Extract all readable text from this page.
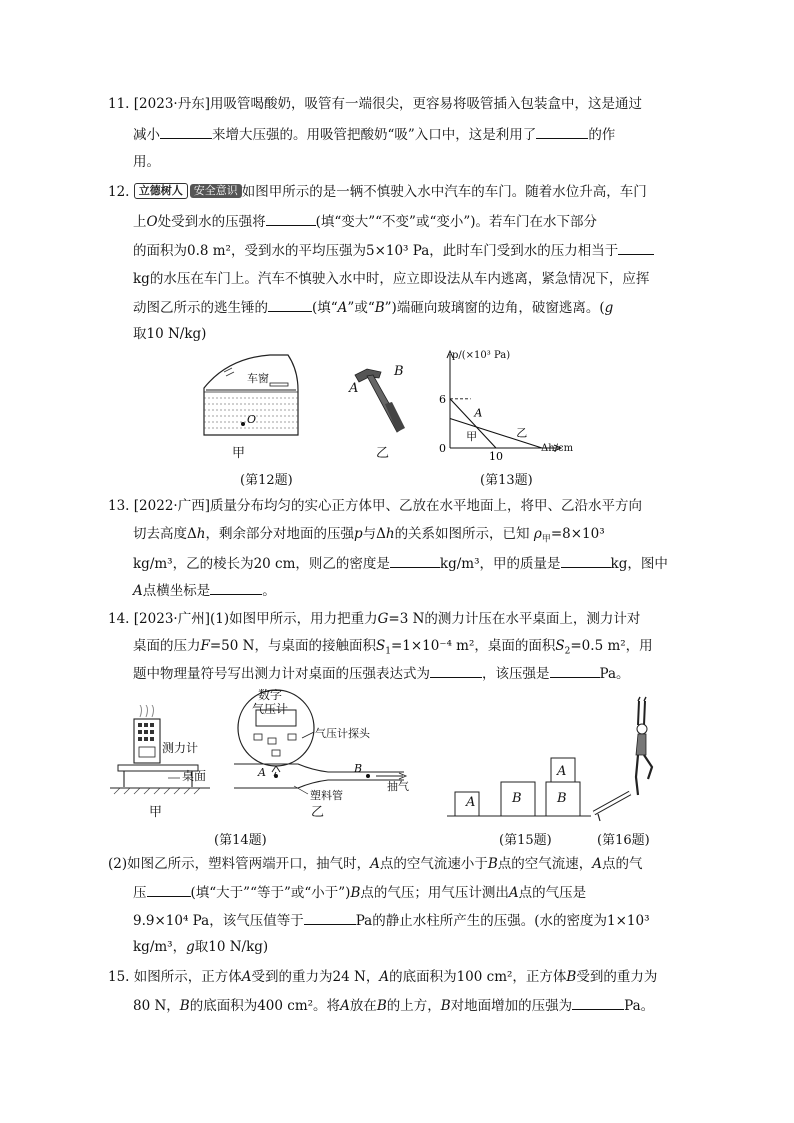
11. [2023·丹东]用吸管喝酸奶，吸管有一端很尖，更容易将吸管插入包装盒中，这是通过
减小	来增大压强的。用吸管把酸奶“吸”入口中，这是利用了	的作
用。
12. 立德树人 安全意识 如图甲所示的是一辆不慎驶入水中汽车的车门。随着水位升高，车门
上O处受到水的压强将	(填“变大”“不变”或“变小”)。若车门在水下部分
的面积为0.8 m²，受到水的平均压强为5×10³ Pa，此时车门受到水的压力相当于
kg的水压在车门上。汽车不慎驶入水中时，应立即设法从车内逃离，紧急情况下，应挥
动图乙所示的逃生锤的	(填“A”或“B”)端砸向玻璃窗的边角，破窗逃离。(g
取10 N/kg)
车窗
O
甲
A
B
乙
(第12题)
6
10
0
A
甲	乙
p/(×10³ Pa)
Δh/cm
(第13题)
13. [2022·广西]质量分布均匀的实心正方体甲、乙放在水平地面上，将甲、乙沿水平方向
切去高度Δh，剩余部分对地面的压强p与Δh的关系如图所示，已知 $\rho_甲=8\times 10^3$
kg/m³，乙的棱长为20 cm，则乙的密度是	kg/m³，甲的质量是	kg，图中
A点横坐标是	。
14. [2023·广州](1)如图甲所示，用力把重力G=3 N的测力计压在水平桌面上，测力计对
桌面的压力F=50 N，与桌面的接触面积$S_1=1\times 10^{-4}$ m²，桌面的面积$S_2=0.5$ m²，用
题中物理量符号写出测力计对桌面的压强表达式为	，该压强是	Pa。
测力计
桌面
甲
数字
气压计
气压计探头
A	B
抽气
塑料管
乙
(第14题)
A	B
A
B
(第15题)	(第16题)
(2)如图乙所示，塑料管两端开口，抽气时，A点的空气流速小于B点的空气流速，A点的气
压	(填“大于”“等于”或“小于”)B点的气压；用气压计测出A点的气压是
9.9×10⁴ Pa，该气压值等于	Pa的静止水柱所产生的压强。(水的密度为1×10³
kg/m³，g取10 N/kg)
15. 如图所示，正方体A受到的重力为24 N，A的底面积为100 cm²，正方体B受到的重力为
80 N，B的底面积为400 cm²。将A放在B的上方，B对地面增加的压强为	Pa。
